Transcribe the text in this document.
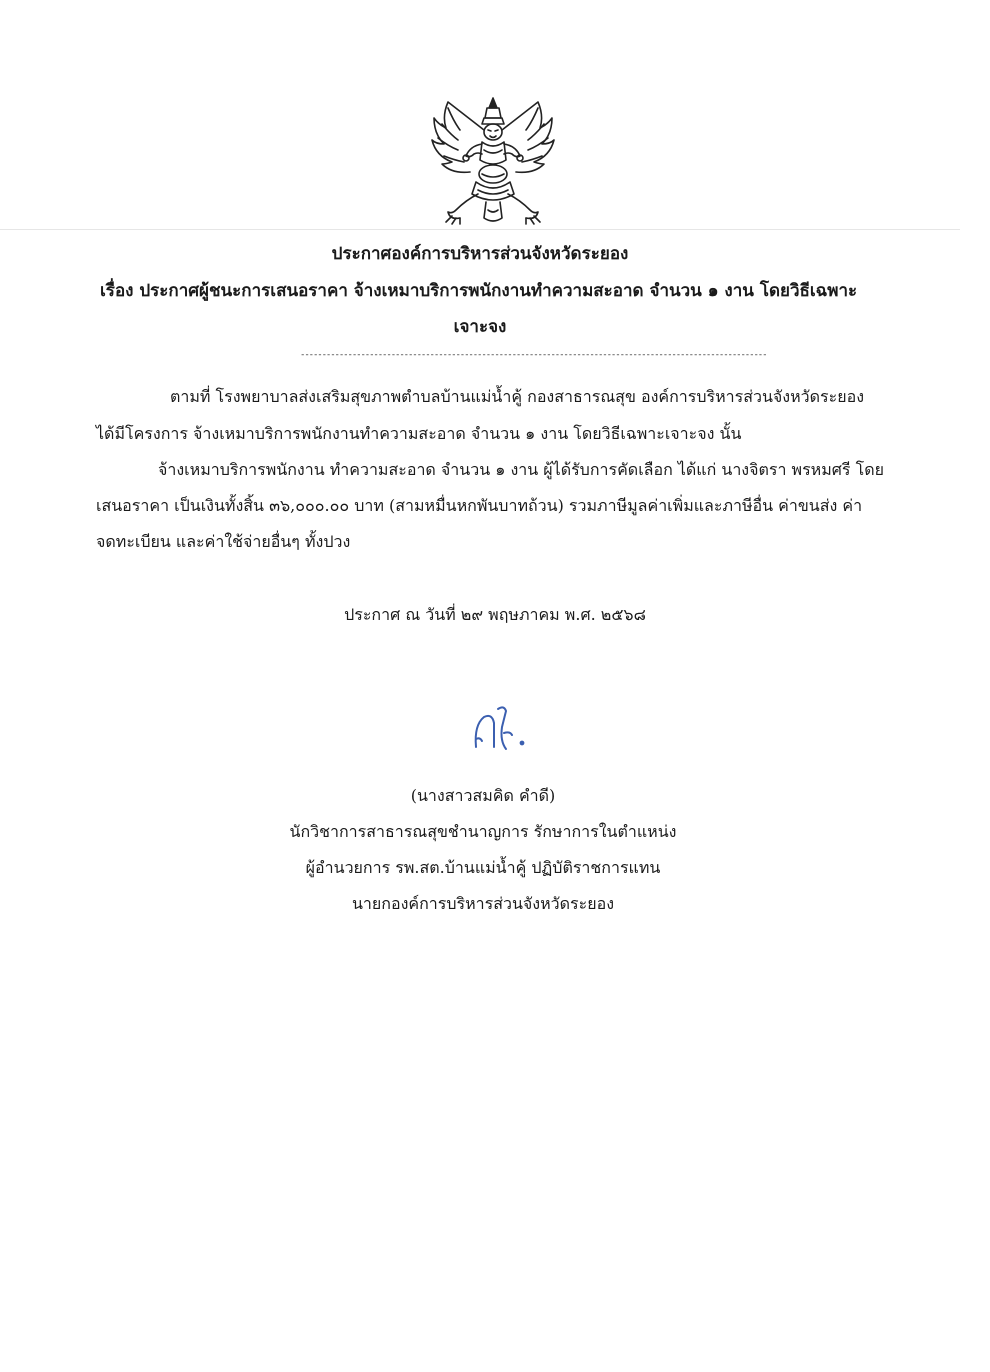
ประกาศองค์การบริหารส่วนจังหวัดระยอง
เรื่อง ประกาศผู้ชนะการเสนอราคา จ้างเหมาบริการพนักงานทำความสะอาด จำนวน ๑ งาน โดยวิธีเฉพาะ
เจาะจง
------------------------------------------------------------------------------------------------------------
ตามที่ โรงพยาบาลส่งเสริมสุขภาพตำบลบ้านแม่น้ำคู้ กองสาธารณสุข องค์การบริหารส่วนจังหวัดระยอง
ได้มีโครงการ จ้างเหมาบริการพนักงานทำความสะอาด จำนวน ๑ งาน โดยวิธีเฉพาะเจาะจง นั้น
จ้างเหมาบริการพนักงาน ทำความสะอาด จำนวน ๑ งาน ผู้ได้รับการคัดเลือก ได้แก่ นางจิตรา พรหมศรี โดย
เสนอราคา เป็นเงินทั้งสิ้น ๓๖,๐๐๐.๐๐ บาท (สามหมื่นหกพันบาทถ้วน) รวมภาษีมูลค่าเพิ่มและภาษีอื่น ค่าขนส่ง ค่า
จดทะเบียน และค่าใช้จ่ายอื่นๆ ทั้งปวง
ประกาศ ณ วันที่ ๒๙ พฤษภาคม พ.ศ. ๒๕๖๘
(นางสาวสมคิด คำดี)
นักวิชาการสาธารณสุขชำนาญการ รักษาการในตำแหน่ง
ผู้อำนวยการ รพ.สต.บ้านแม่น้ำคู้ ปฏิบัติราชการแทน
นายกองค์การบริหารส่วนจังหวัดระยอง
